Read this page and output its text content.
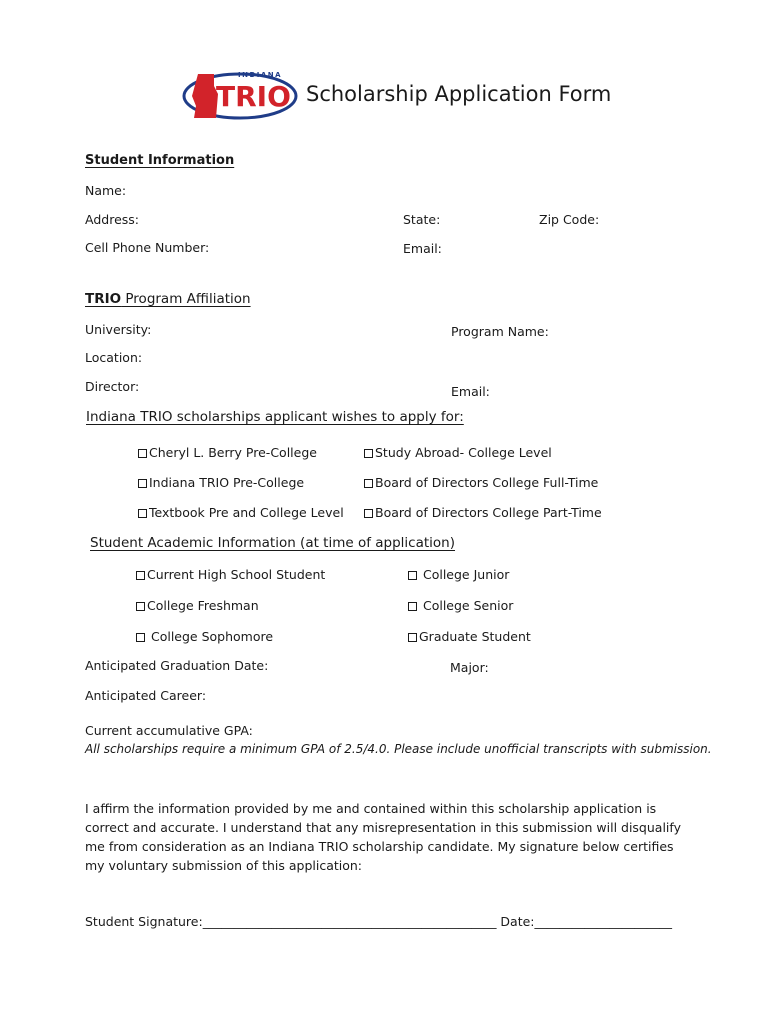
INDIANA
TRIO Scholarship Application Form
Student Information
Name:
Address:	State:	Zip Code:
Cell Phone Number:	Email:
TRIO Program Affiliation
University:	Program Name:
Location:
Director:	Email:
Indiana TRIO scholarships applicant wishes to apply for:
Cheryl L. Berry Pre-College	Study Abroad- College Level
Indiana TRIO Pre-College	Board of Directors College Full-Time
Textbook Pre and College Level	Board of Directors College Part-Time
Student Academic Information (at time of application)
Current High School Student	College Junior
College Freshman	College Senior
College Sophomore	Graduate Student
Anticipated Graduation Date:	Major:
Anticipated Career:
Current accumulative GPA:
All scholarships require a minimum GPA of 2.5/4.0. Please include unofficial transcripts with submission.
I affirm the information provided by me and contained within this scholarship application is correct and accurate. I understand that any misrepresentation in this submission will disqualify me from consideration as an Indiana TRIO scholarship candidate. My signature below certifies my voluntary submission of this application:
Student Signature:_______________________________________________ Date:______________________
